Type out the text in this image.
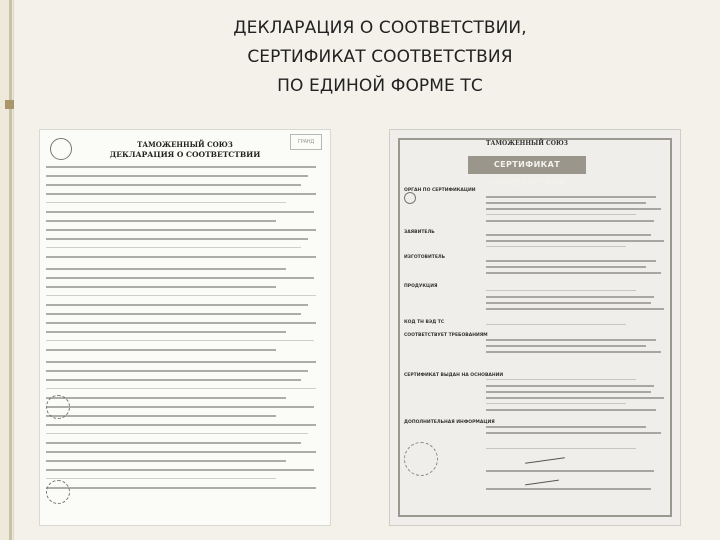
ДЕКЛАРАЦИЯ О СООТВЕТСТВИИ,
СЕРТИФИКАТ СООТВЕТСТВИЯ
ПО ЕДИНОЙ ФОРМЕ ТС
ТАМОЖЕННЫЙ СОЮЗ
ДЕКЛАРАЦИЯ О СООТВЕТСТВИИ
ГРАНД	ТАМОЖЕННЫЙ СОЮЗ
СЕРТИФИКАТ СООТВЕТСТВИЯ
ОРГАН ПО СЕРТИФИКАЦИИ
ЗАЯВИТЕЛЬ
ИЗГОТОВИТЕЛЬ
ПРОДУКЦИЯ
КОД ТН ВЭД ТС
СООТВЕТСТВУЕТ ТРЕБОВАНИЯМ
СЕРТИФИКАТ ВЫДАН НА ОСНОВАНИИ
ДОПОЛНИТЕЛЬНАЯ ИНФОРМАЦИЯ
